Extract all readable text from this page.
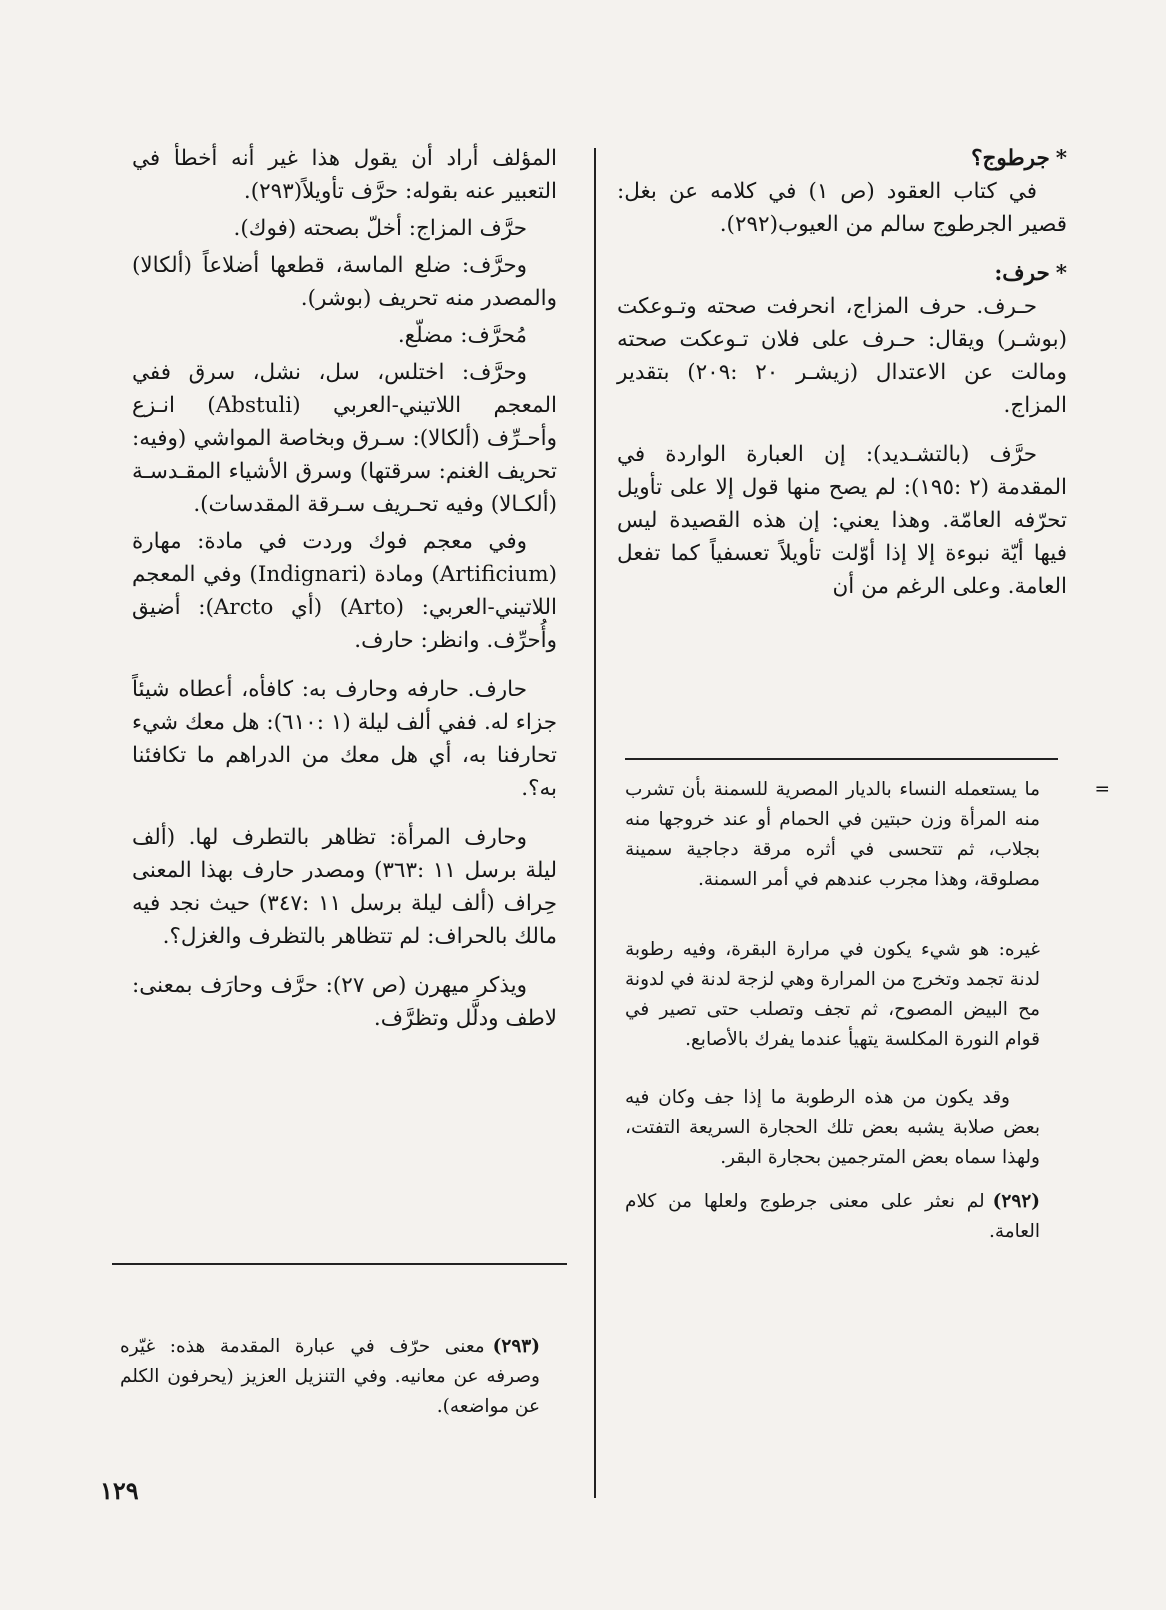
*جرطوج؟

في كتاب العقود (ص ١) في كلامه عن بغل: قصير الجرطوج سالم من العيوب(٢٩٢).

*حرف:

حـرف. حرف المزاج، انحرفت صحته وتـوعكت (بوشـر) ويقال: حـرف على فلان تـوعكت صحته ومالت عن الاعتدال (زيشـر ٢٠ :٢٠٩) بتقدير المزاج.

حرَّف (بالتشـديد): إن العبارة الواردة في المقدمة (٢ :١٩٥): لم يصح منها قول إلا على تأويل تحرّفه العامّة. وهذا يعني: إن هذه القصيدة ليس فيها أيّة نبوءة إلا إذا أوّلت تأويلاً تعسفياً كما تفعل العامة. وعلى الرغم من أن

=

ما يستعمله النساء بالديار المصرية للسمنة بأن تشرب منه المرأة وزن حبتين في الحمام أو عند خروجها منه بجلاب، ثم تتحسى في أثره مرقة دجاجية سمينة مصلوقة، وهذا مجرب عندهم في أمر السمنة.

غيره: هو شيء يكون في مرارة البقرة، وفيه رطوبة لدنة تجمد وتخرج من المرارة وهي لزجة لدنة في لدونة مح البيض المصوح، ثم تجف وتصلب حتى تصير في قوام النورة المكلسة يتهيأ عندما يفرك بالأصابع.

وقد يكون من هذه الرطوبة ما إذا جف وكان فيه بعض صلابة يشبه بعض تلك الحجارة السريعة التفتت، ولهذا سماه بعض المترجمين بحجارة البقر.

(٢٩٢)لم نعثر على معنى جرطوج ولعلها من كلام العامة.

المؤلف أراد أن يقول هذا غير أنه أخطأ في التعبير عنه بقوله: حرَّف تأويلاً(٢٩٣).

حرَّف المزاج: أخلّ بصحته (فوك).

وحرَّف: ضلع الماسة، قطعها أضلاعاً (ألكالا) والمصدر منه تحريف (بوشر).

مُحرَّف: مضلّع.

وحرَّف: اختلس، سل، نشل، سرق ففي المعجم اللاتيني-العربي (Abstuli) انـزع وأحـرِّف (ألكالا): سـرق وبخاصة المواشي (وفيه: تحريف الغنم: سرقتها) وسرق الأشياء المقـدسـة (ألكـالا) وفيه تحـريف سـرقة المقدسات).

وفي معجم فوك وردت في مادة: مهارة (Artificium) ومادة (Indignari) وفي المعجم اللاتيني-العربي: (Arto) (أي Arcto): أضيق وأُحرِّف. وانظر: حارف.

حارف. حارفه وحارف به: كافأه، أعطاه شيئاً جزاء له. ففي ألف ليلة (١ :٦١٠): هل معك شيء تحارفنا به، أي هل معك من الدراهم ما تكافئنا به؟.

وحارف المرأة: تظاهر بالتطرف لها. (ألف ليلة برسل ١١ :٣٦٣) ومصدر حارف بهذا المعنى حِراف (ألف ليلة برسل ١١ :٣٤٧) حيث نجد فيه مالك بالحراف: لم تتظاهر بالتظرف والغزل؟.

ويذكر ميهرن (ص ٢٧): حرَّف وحارَف بمعنى: لاطف ودلَّل وتظرَّف.

(٢٩٣)معنى حرّف في عبارة المقدمة هذه: غيّره وصرفه عن معانيه. وفي التنزيل العزيز (يحرفون الكلم عن مواضعه).

١٢٩
